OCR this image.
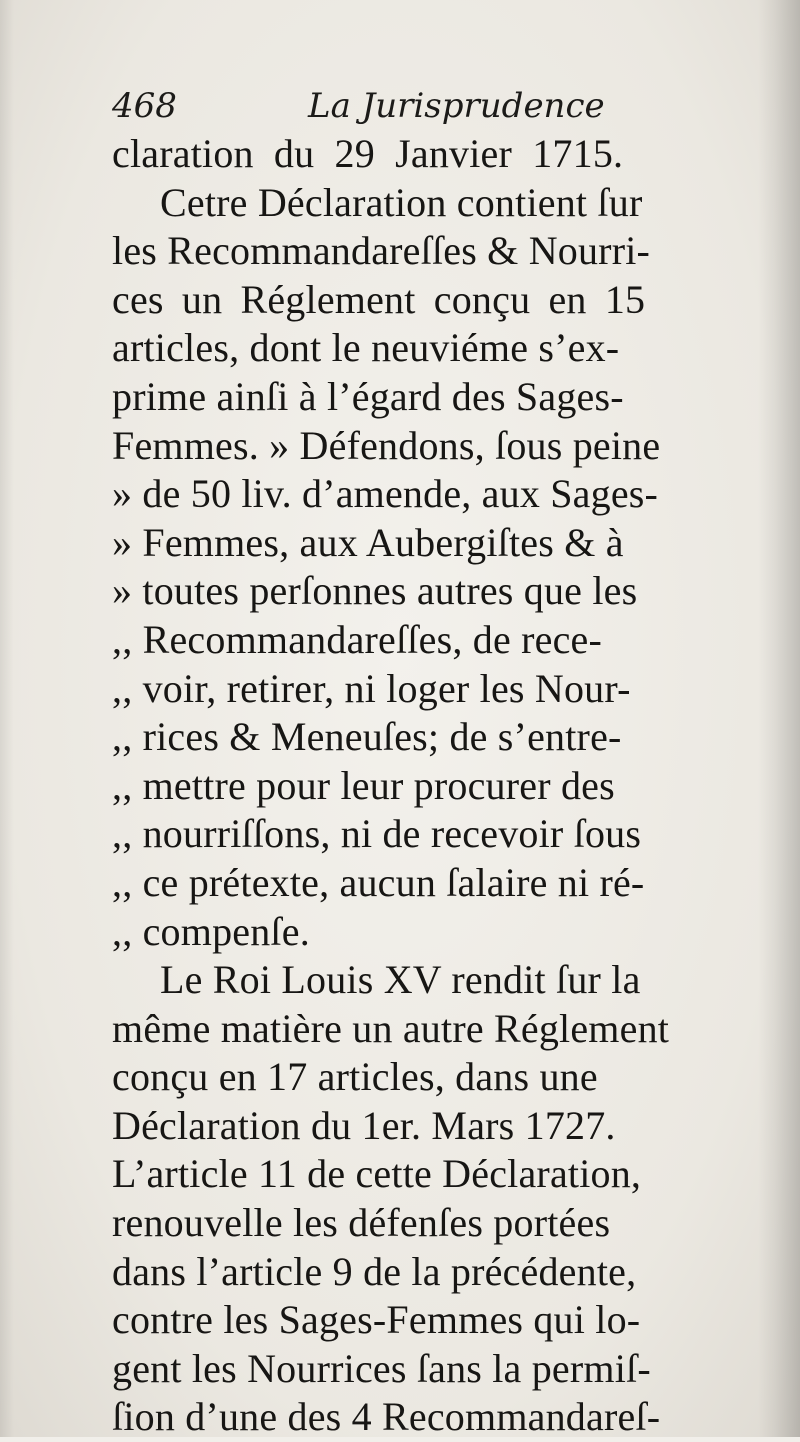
468	La Jurisprudence
claration du 29 Janvier 1715.
Cetre Déclaration contient ſur
les Recommandareſſes & Nourri-
ces un Réglement conçu en 15
articles, dont le neuviéme s’ex-
prime ainſi à l’égard des Sages-
Femmes. » Défendons, ſous peine
» de 50 liv. d’amende, aux Sages-
» Femmes, aux Aubergiſtes & à
» toutes perſonnes autres que les
,, Recommandareſſes, de rece-
,, voir, retirer, ni loger les Nour-
,, rices & Meneuſes; de s’entre-
,, mettre pour leur procurer des
,, nourriſſons, ni de recevoir ſous
,, ce prétexte, aucun ſalaire ni ré-
,, compenſe.
Le Roi Louis XV rendit ſur la
même matière un autre Réglement
conçu en 17 articles, dans une
Déclaration du 1er. Mars 1727.
L’article 11 de cette Déclaration,
renouvelle les défenſes portées
dans l’article 9 de la précédente,
contre les Sages-Femmes qui lo-
gent les Nourrices ſans la permiſ-
ſion d’une des 4 Recommandareſ-
